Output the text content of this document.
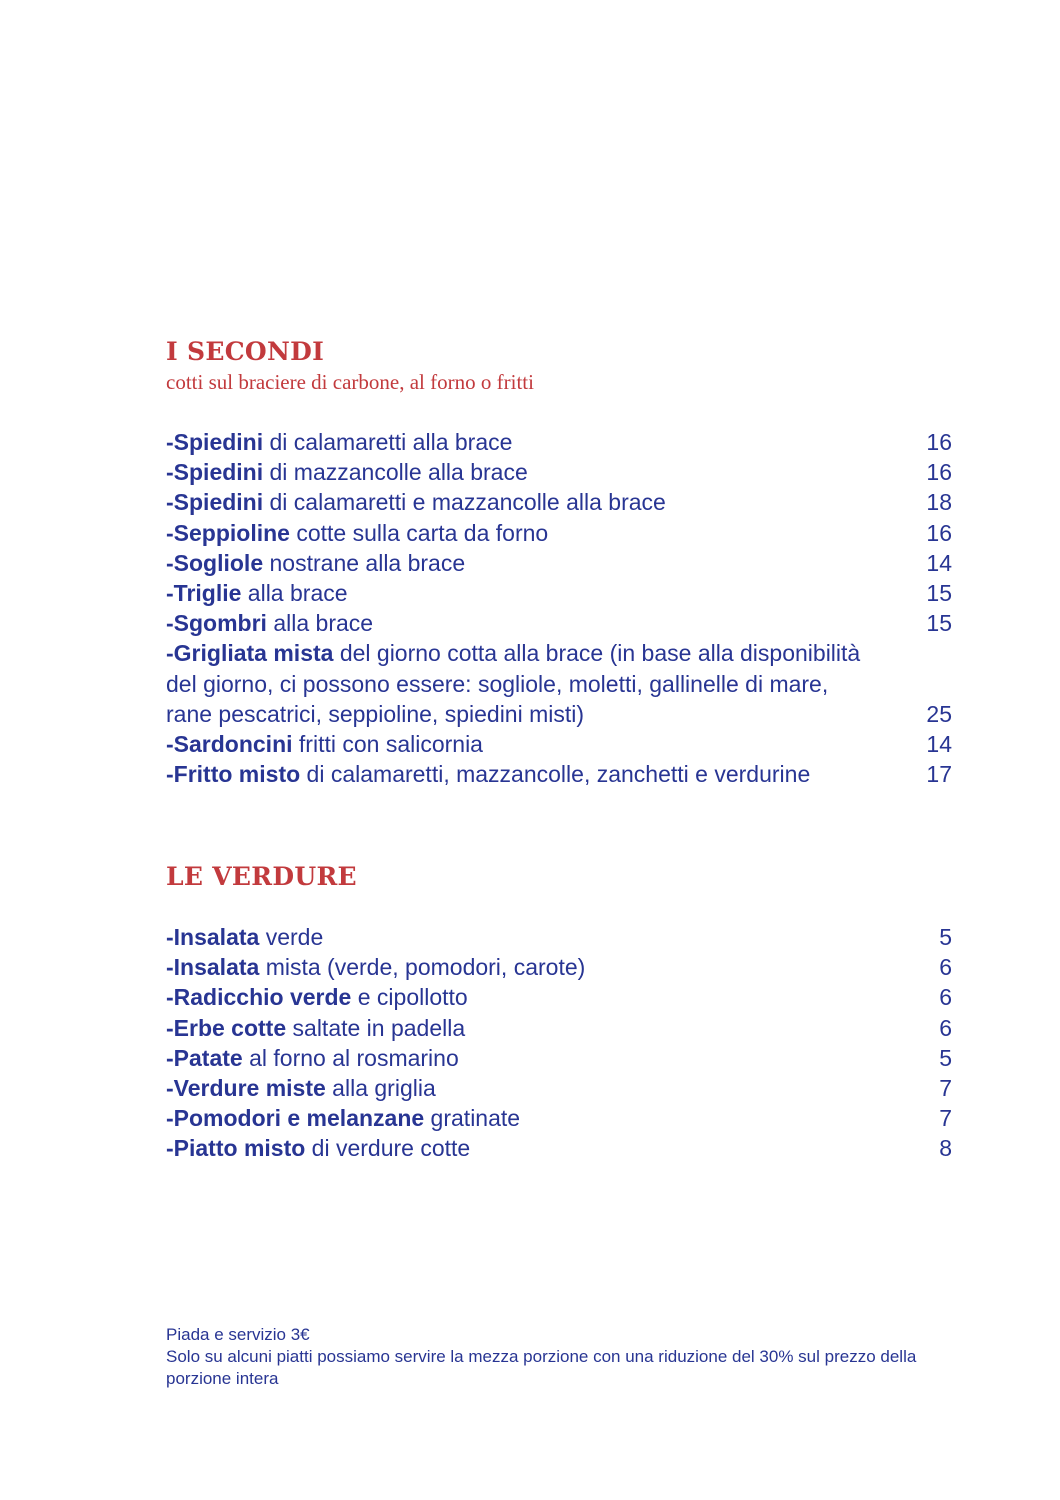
I SECONDI

cotti sul braciere di carbone, al forno o fritti

-Spiedini di calamaretti alla brace	16
-Spiedini di mazzancolle alla brace	16
-Spiedini di calamaretti e mazzancolle alla brace	18
-Seppioline cotte sulla carta da forno	16
-Sogliole nostrane alla brace	14
-Triglie alla brace	15
-Sgombri alla brace	15
-Grigliata mista del giorno cotta alla brace (in base alla disponibilità del giorno, ci possono essere: sogliole, moletti, gallinelle di mare, rane pescatrici, seppioline, spiedini misti)	25
-Sardoncini fritti con salicornia	14
-Fritto misto di calamaretti, mazzancolle, zanchetti e verdurine	17
LE VERDURE
-Insalata verde	5
-Insalata mista (verde, pomodori, carote)	6
-Radicchio verde e cipollotto	6
-Erbe cotte saltate in padella	6
-Patate al forno al rosmarino	5
-Verdure miste alla griglia	7
-Pomodori e melanzane gratinate	7
-Piatto misto di verdure cotte	8

Piada e servizio 3€

Solo su alcuni piatti possiamo servire la mezza porzione con una riduzione del 30% sul prezzo della porzione intera
